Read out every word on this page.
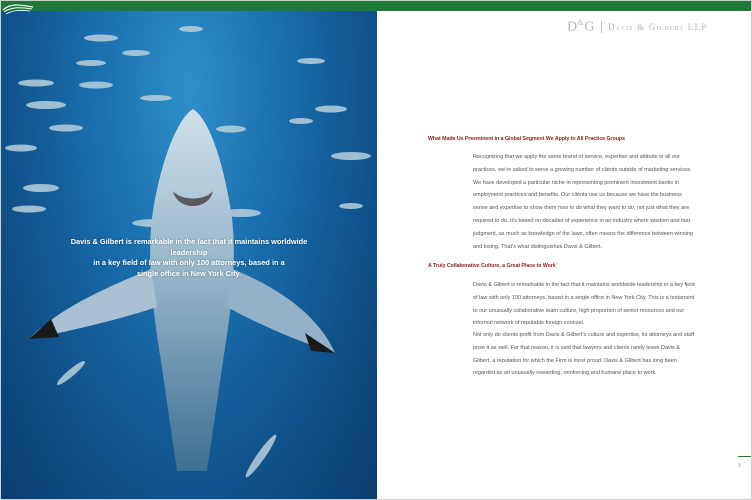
Davis & Gilbert is remarkable in the fact that it maintains worldwide leadership
in a key field of law with only 100 attorneys, based in a
single office in New York City.
D&G Davis & Gilbert LLP
What Made Us Preeminent in a Global Segment We Apply to All Practice Groups

Recognizing that we apply the same brand of service, expertise and attitude in all our practices, we’re asked to serve a growing number of clients outside of marketing services. We have developed a particular niche in representing prominent investment banks in employment practices and benefits. Our clients use us because we have the business sense and expertise to show them how to do what they want to do, not just what they are required to do. It’s based on decades of experience in an industry where wisdom and fast judgment, as much as knowledge of the laws, often means the difference between winning and losing. That’s what distinguishes Davis & Gilbert.

A Truly Collaborative Culture, a Great Place to Work

Davis & Gilbert is remarkable in the fact that it maintains worldwide leadership in a key field of law with only 100 attorneys, based in a single office in New York City. This is a testament to our unusually collaborative team culture, high proportion of senior resources and our informal network of reputable foreign counsel.

Not only do clients profit from Davis & Gilbert’s culture and expertise, its attorneys and staff prize it as well. For that reason, it is said that lawyers and clients rarely leave Davis & Gilbert, a reputation for which the Firm is most proud. Davis & Gilbert has long been regarded as an unusually rewarding, reinforcing and humane place to work.

3
